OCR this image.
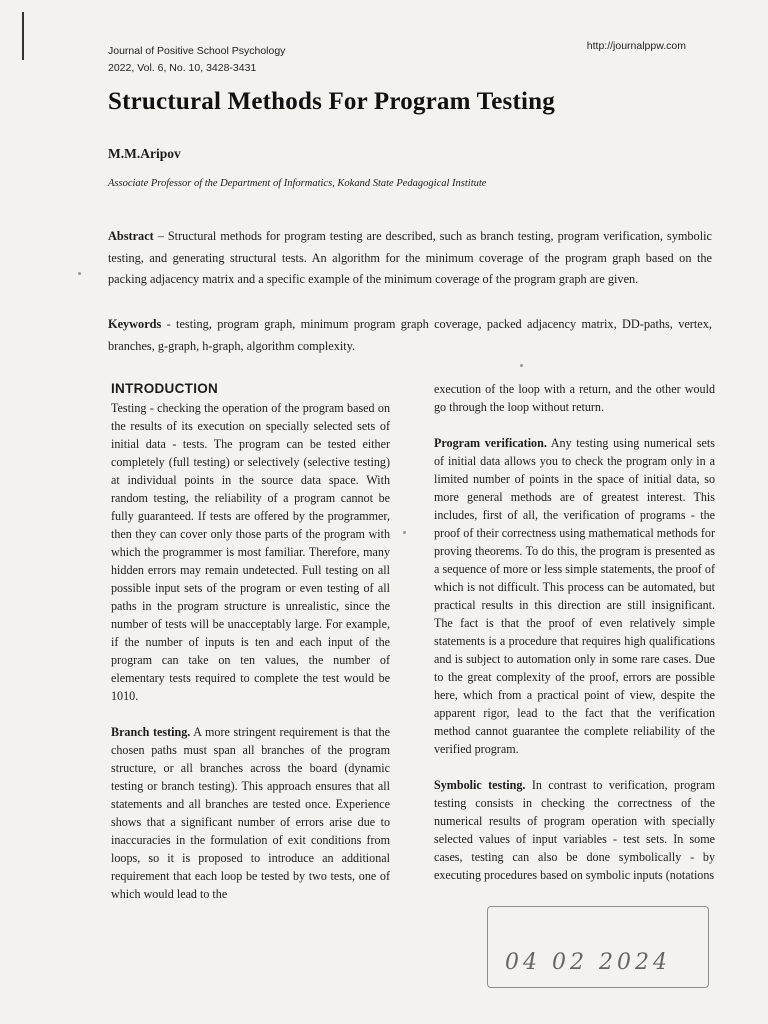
Journal of Positive School Psychology
2022, Vol. 6, No. 10, 3428-3431
http://journalppw.com
Structural Methods For Program Testing
M.M.Aripov
Associate Professor of the Department of Informatics, Kokand State Pedagogical Institute
Abstract – Structural methods for program testing are described, such as branch testing, program verification, symbolic testing, and generating structural tests. An algorithm for the minimum coverage of the program graph based on the packing adjacency matrix and a specific example of the minimum coverage of the program graph are given.
Keywords - testing, program graph, minimum program graph coverage, packed adjacency matrix, DD-paths, vertex, branches, g-graph, h-graph, algorithm complexity.
INTRODUCTION

Testing - checking the operation of the program based on the results of its execution on specially selected sets of initial data - tests. The program can be tested either completely (full testing) or selectively (selective testing) at individual points in the source data space. With random testing, the reliability of a program cannot be fully guaranteed. If tests are offered by the programmer, then they can cover only those parts of the program with which the programmer is most familiar. Therefore, many hidden errors may remain undetected. Full testing on all possible input sets of the program or even testing of all paths in the program structure is unrealistic, since the number of tests will be unacceptably large. For example, if the number of inputs is ten and each input of the program can take on ten values, the number of elementary tests required to complete the test would be 1010.

Branch testing. A more stringent requirement is that the chosen paths must span all branches of the program structure, or all branches across the board (dynamic testing or branch testing). This approach ensures that all statements and all branches are tested once. Experience shows that a significant number of errors arise due to inaccuracies in the formulation of exit conditions from loops, so it is proposed to introduce an additional requirement that each loop be tested by two tests, one of which would lead to the

execution of the loop with a return, and the other would go through the loop without return.

Program verification. Any testing using numerical sets of initial data allows you to check the program only in a limited number of points in the space of initial data, so more general methods are of greatest interest. This includes, first of all, the verification of programs - the proof of their correctness using mathematical methods for proving theorems. To do this, the program is presented as a sequence of more or less simple statements, the proof of which is not difficult. This process can be automated, but practical results in this direction are still insignificant. The fact is that the proof of even relatively simple statements is a procedure that requires high qualifications and is subject to automation only in some rare cases. Due to the great complexity of the proof, errors are possible here, which from a practical point of view, despite the apparent rigor, lead to the fact that the verification method cannot guarantee the complete reliability of the verified program.

Symbolic testing. In contrast to verification, program testing consists in checking the correctness of the numerical results of program operation with specially selected values of input variables - test sets. In some cases, testing can also be done symbolically - by executing procedures based on symbolic inputs (notations

04 02 2024
